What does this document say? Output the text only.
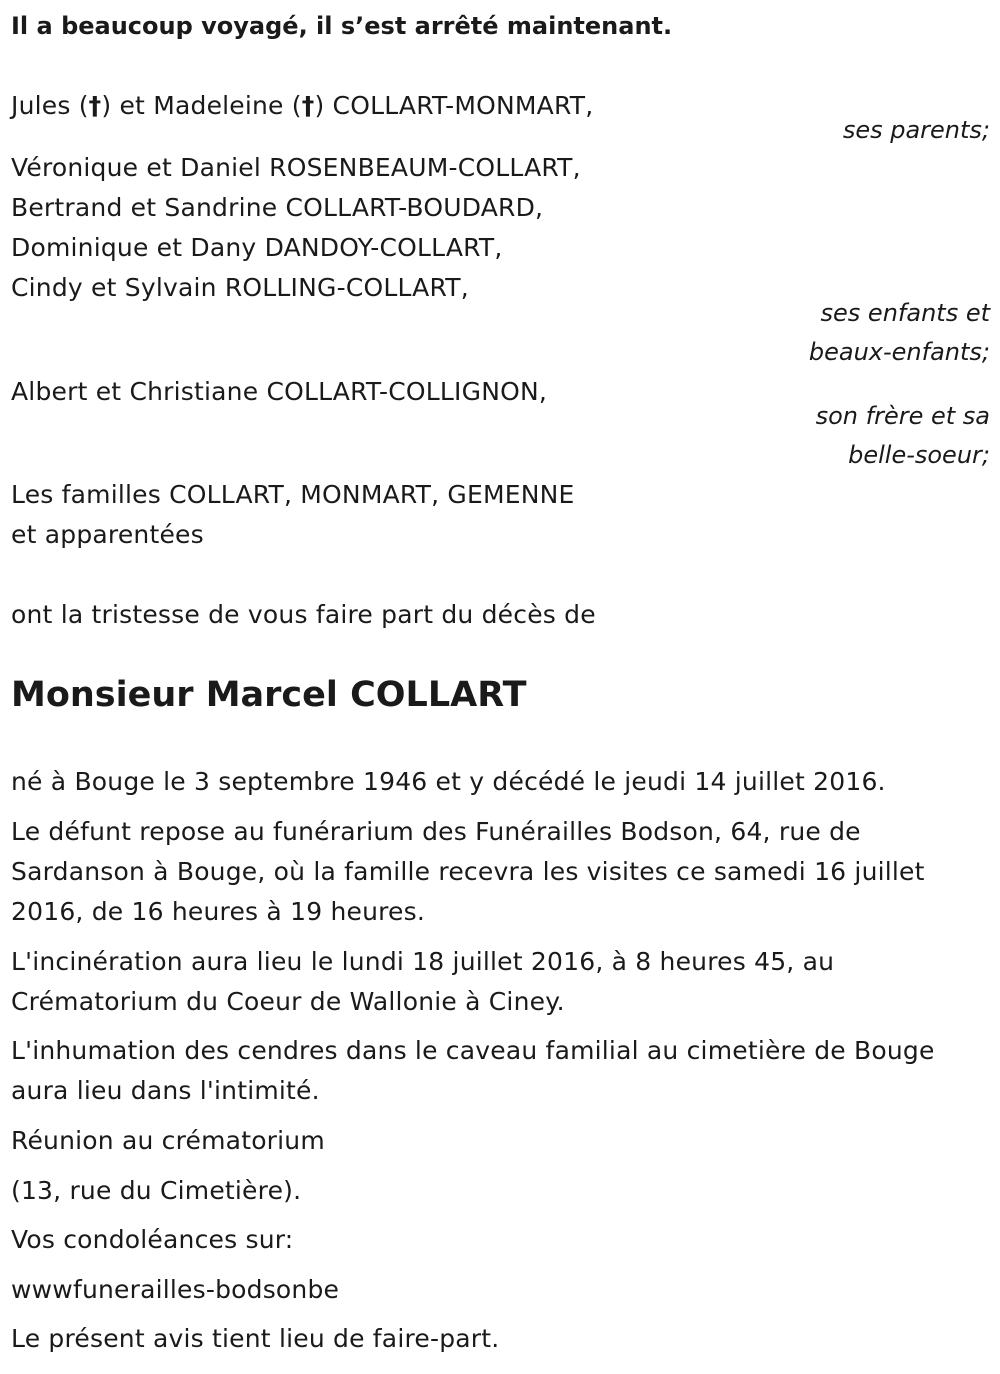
Il a beaucoup voyagé, il s’est arrêté maintenant.
Jules (†) et Madeleine (†) COLLART-MONMART,
ses parents;
Véronique et Daniel ROSENBEAUM-COLLART,
Bertrand et Sandrine COLLART-BOUDARD,
Dominique et Dany DANDOY-COLLART,
Cindy et Sylvain ROLLING-COLLART,
ses enfants et
beaux-enfants;
Albert et Christiane COLLART-COLLIGNON,
son frère et sa
belle-soeur;
Les familles COLLART, MONMART, GEMENNE
et apparentées
ont la tristesse de vous faire part du décès de
Monsieur Marcel COLLART
né à Bouge le 3 septembre 1946 et y décédé le jeudi 14 juillet 2016.
Le défunt repose au funérarium des Funérailles Bodson, 64, rue de Sardanson à Bouge, où la famille recevra les visites ce samedi 16 juillet 2016, de 16 heures à 19 heures.
L'incinération aura lieu le lundi 18 juillet 2016, à 8 heures 45, au Crématorium du Coeur de Wallonie à Ciney.
L'inhumation des cendres dans le caveau familial au cimetière de Bouge aura lieu dans l'intimité.
Réunion au crématorium
(13, rue du Cimetière).
Vos condoléances sur:
wwwfunerailles-bodsonbe
Le présent avis tient lieu de faire-part.
